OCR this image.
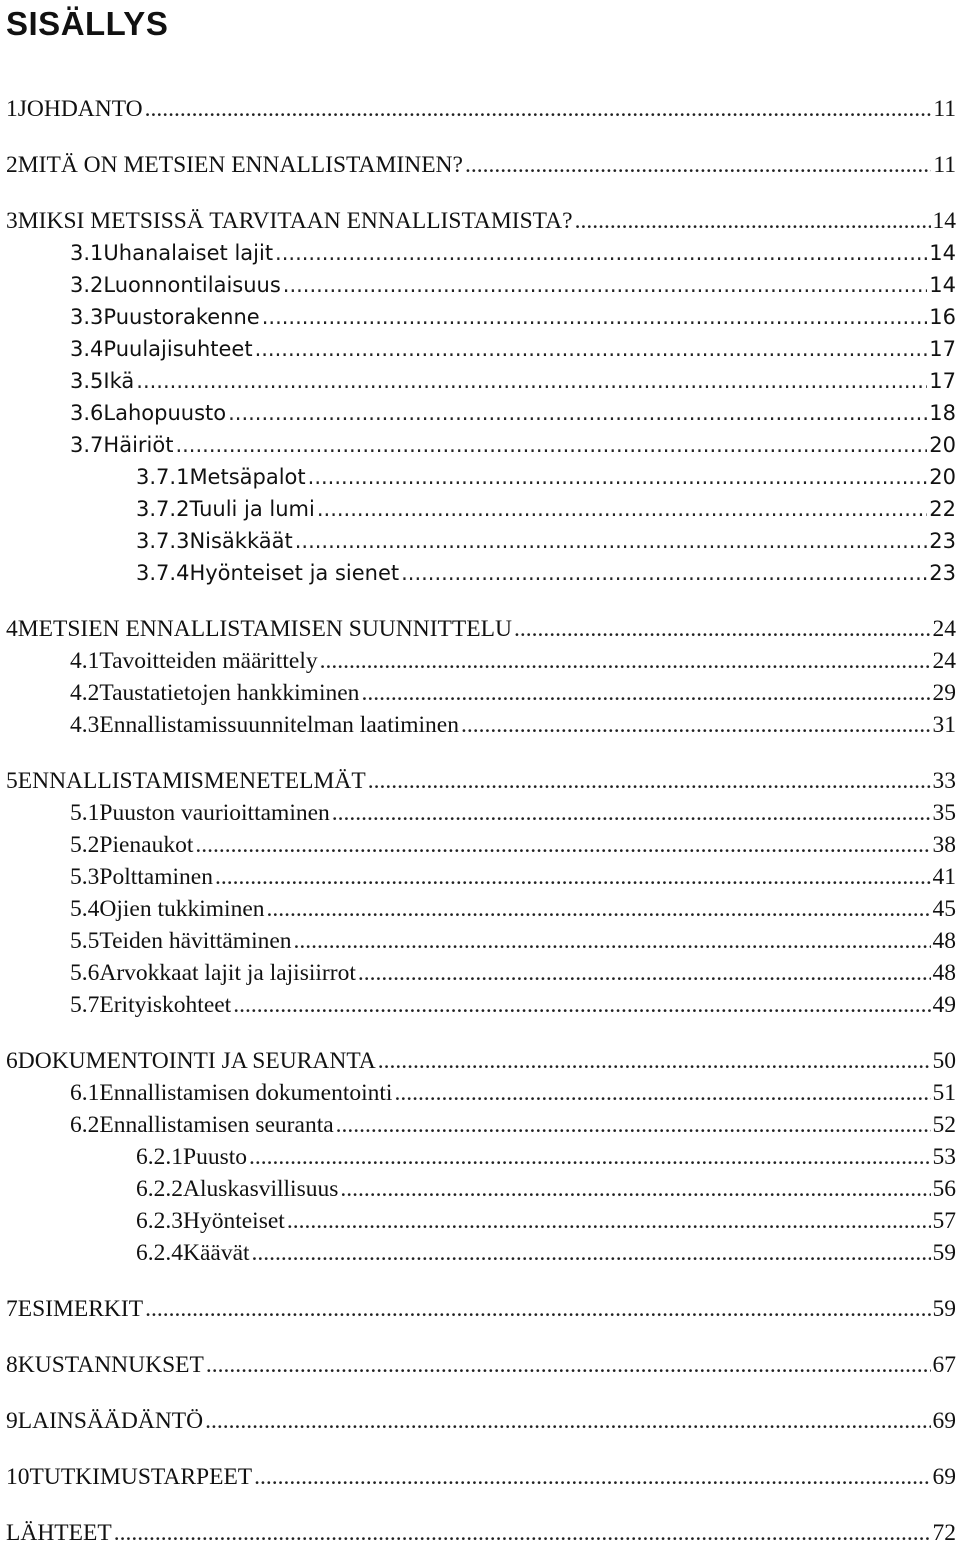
SISÄLLYS
1 JOHDANTO .....	11
2 MITÄ ON METSIEN ENNALLISTAMINEN? .....	11
3 MIKSI METSISSÄ TARVITAAN ENNALLISTAMISTA? .....	14
3.1 Uhanalaiset lajit .....	14
3.2 Luonnontilaisuus .....	14
3.3 Puustorakenne .....	16
3.4 Puulajisuhteet .....	17
3.5 Ikä .....	17
3.6 Lahopuusto .....	18
3.7 Häiriöt .....	20
3.7.1 Metsäpalot .....	20
3.7.2 Tuuli ja lumi .....	22
3.7.3 Nisäkkäät .....	23
3.7.4 Hyönteiset ja sienet .....	23
4 METSIEN ENNALLISTAMISEN SUUNNITTELU .....	24
4.1 Tavoitteiden määrittely .....	24
4.2 Taustatietojen hankkiminen .....	29
4.3 Ennallistamissuunnitelman laatiminen .....	31
5 ENNALLISTAMISMENETELMÄT .....	33
5.1 Puuston vaurioittaminen .....	35
5.2 Pienaukot .....	38
5.3 Polttaminen .....	41
5.4 Ojien tukkiminen .....	45
5.5 Teiden hävittäminen .....	48
5.6 Arvokkaat lajit ja lajisiirrot .....	48
5.7 Erityiskohteet .....	49
6 DOKUMENTOINTI JA SEURANTA .....	50
6.1 Ennallistamisen dokumentointi .....	51
6.2 Ennallistamisen seuranta .....	52
6.2.1 Puusto .....	53
6.2.2 Aluskasvillisuus .....	56
6.2.3 Hyönteiset .....	57
6.2.4 Käävät .....	59
7 ESIMERKIT .....	59
8 KUSTANNUKSET .....	67
9 LAINSÄÄDÄNTÖ .....	69
10 TUTKIMUSTARPEET .....	69
LÄHTEET .....	72
